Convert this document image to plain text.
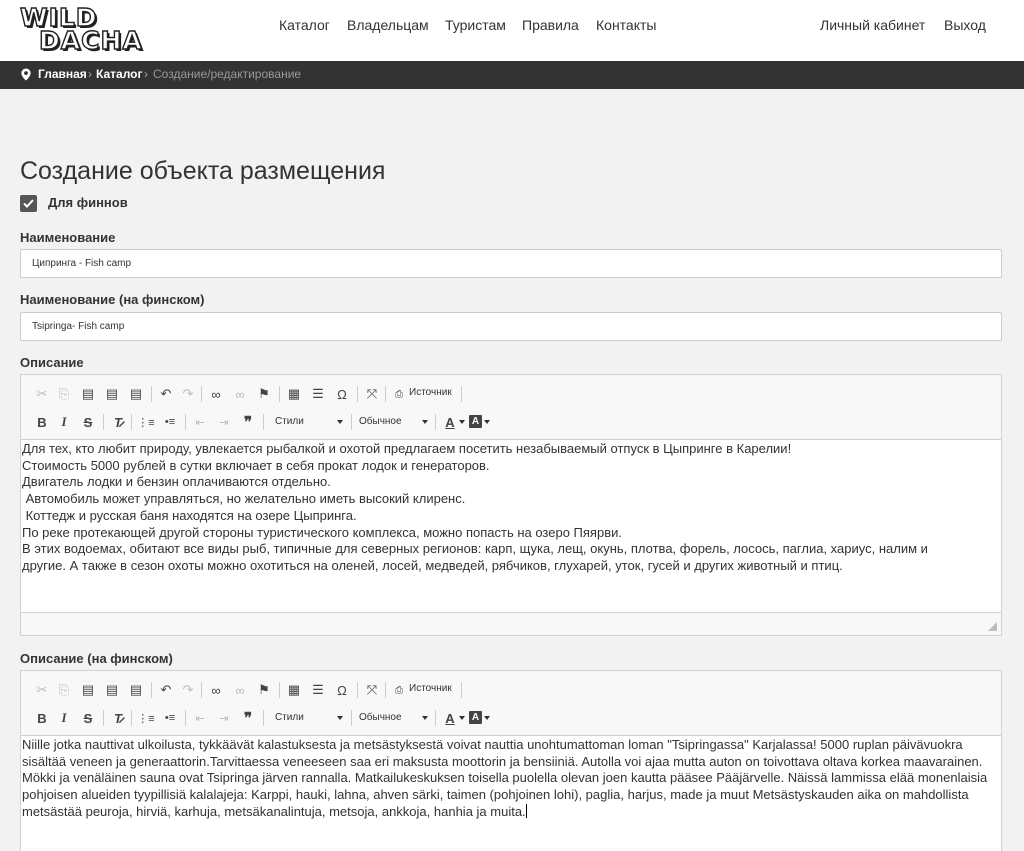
WILD
DACHA
Каталог Владельцам Туристам Правила Контакты	Личный кабинет Выход
Главная › Каталог › Создание/редактирование
Создание объекта размещения
Для финнов
Наименование
Ципринга - Fish camp
Наименование (на финском)
Tsipringa- Fish camp
Описание
✂ ⎘ ▤ ▤ ▤ ↶ ↷	∞	∞	⚑ ▦ ☰	Ω	⤧	⎙ Источник
B	I	S	T̷	⋮≡ •≡	⇤	⇥	❞	Стили	Обычное	A	A

Для тех, кто любит природу, увлекается рыбалкой и охотой предлагаем посетить незабываемый отпуск в Цыпринге в Карелии!

Стоимость 5000 рублей в сутки включает в себя прокат лодок и генераторов.

Двигатель лодки и бензин оплачиваются отдельно.

Автомобиль может управляться, но желательно иметь высокий клиренс.

Коттедж и русская баня находятся на озере Цыпринга.

По реке протекающей другой стороны туристического комплекса, можно попасть на озеро Пяярви.

В этих водоемах, обитают все виды рыб, типичные для северных регионов: карп, щука, лещ, окунь, плотва, форель, лосось, паглиа, хариус, налим и

другие. А также в сезон охоты можно охотиться на оленей, лосей, медведей, рябчиков, глухарей, уток, гусей и других животный и птиц.

Описание (на финском)
✂ ⎘ ▤ ▤ ▤ ↶ ↷	∞	∞	⚑ ▦ ☰	Ω	⤧	⎙ Источник
B	I	S	T̷	⋮≡ •≡	⇤	⇥	❞	Стили	Обычное	A	A

Niille jotka nauttivat ulkoilusta, tykkäävät kalastuksesta ja metsästyksestä voivat nauttia unohtumattoman loman "Tsipringassa" Karjalassa! 5000 ruplan päivävuokra sisältää veneen ja generaattorin.Tarvittaessa veneeseen saa eri maksusta moottorin ja bensiiniä. Autolla voi ajaa mutta auton on toivottava oltava korkea maavarainen. Mökki ja venäläinen sauna ovat Tsipringa järven rannalla. Matkailukeskuksen toisella puolella olevan joen kautta pääsee Pääjärvelle. Näissä lammissa elää monenlaisia pohjoisen alueiden tyypillisiä kalalajeja: Karppi, hauki, lahna, ahven särki, taimen (pohjoinen lohi), paglia, harjus, made ja muut Metsästyskauden aika on mahdollista metsästää peuroja, hirviä, karhuja, metsäkanalintuja, metsoja, ankkoja, hanhia ja muita.
